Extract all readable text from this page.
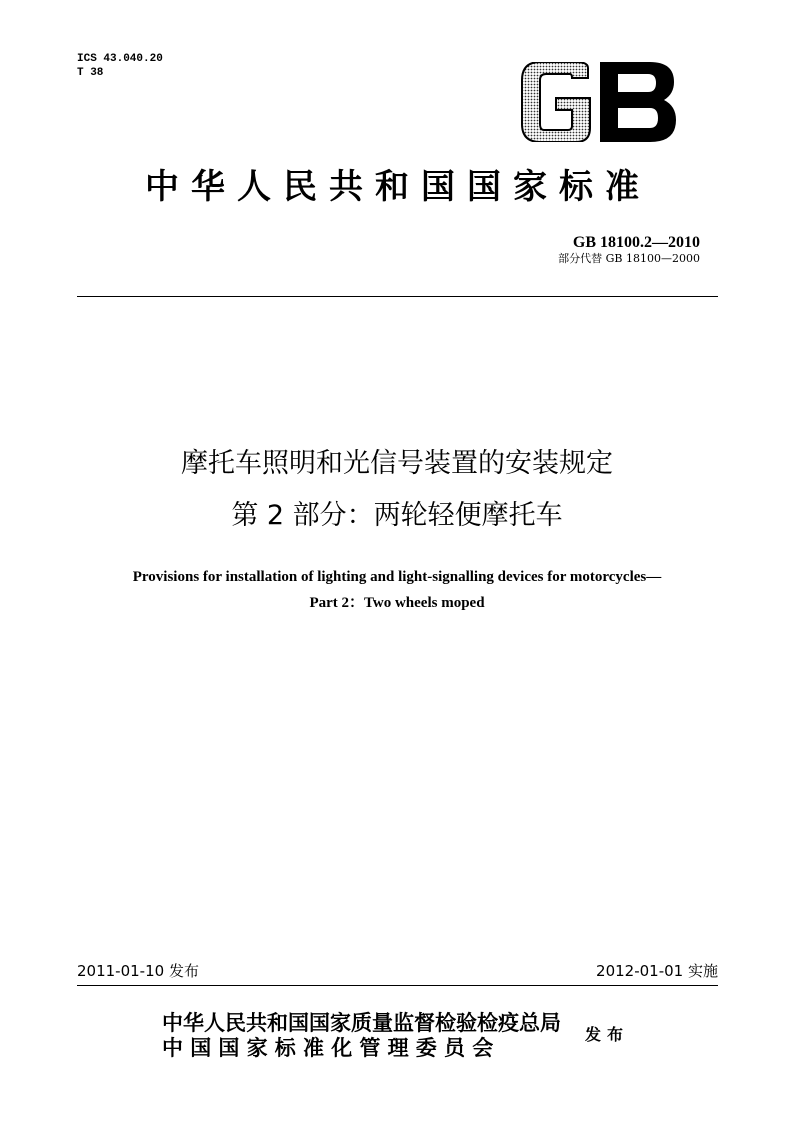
ICS 43.040.20
T 38
中华人民共和国国家标准
GB 18100.2—2010
部分代替 GB 18100—2000
摩托车照明和光信号装置的安装规定
第 2 部分：两轮轻便摩托车
Provisions for installation of lighting and light-signalling devices for motorcycles—
Part 2：Two wheels moped
2011-01-10 发布	2012-01-01 实施
中华人民共和国国家质量监督检验检疫总局
中国国家标准化管理委员会
发布
